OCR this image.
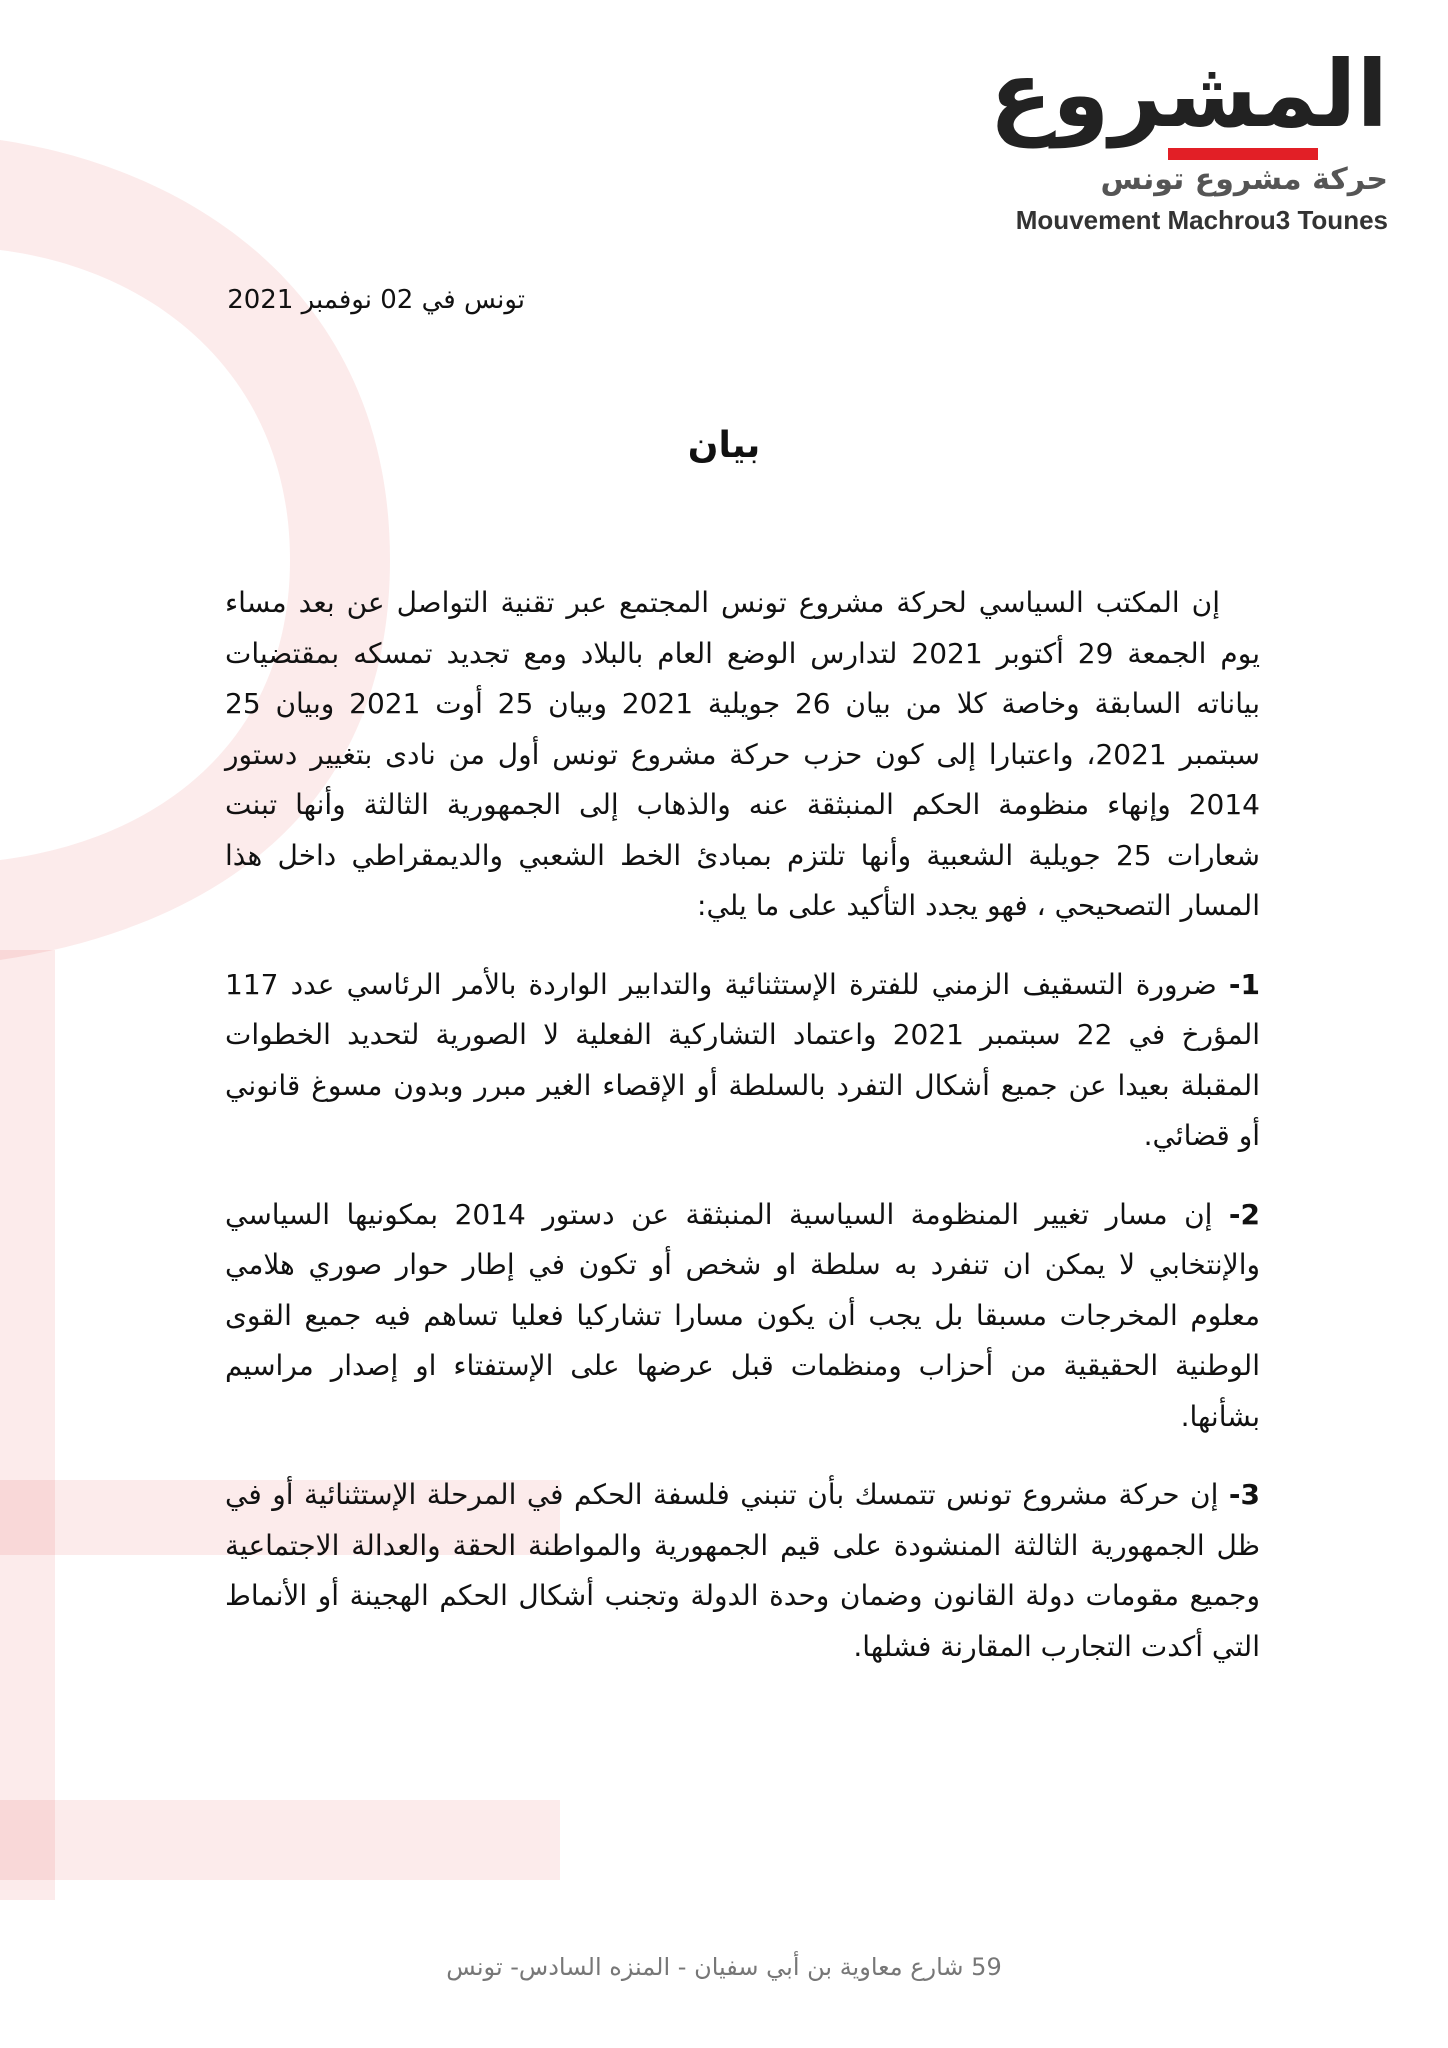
المشروع
حركة مشروع تونس
Mouvement Machrou3 Tounes
تونس في 02 نوفمبر 2021
بيان

إن المكتب السياسي لحركة مشروع تونس المجتمع عبر تقنية التواصل عن بعد مساء يوم الجمعة 29 أكتوبر 2021 لتدارس الوضع العام بالبلاد ومع تجديد تمسكه بمقتضيات بياناته السابقة وخاصة كلا من بيان 26 جويلية 2021 وبيان 25 أوت 2021 وبيان 25 سبتمبر 2021، واعتبارا إلى كون حزب حركة مشروع تونس أول من نادى بتغيير دستور 2014 وإنهاء منظومة الحكم المنبثقة عنه والذهاب إلى الجمهورية الثالثة وأنها تبنت شعارات 25 جويلية الشعبية وأنها تلتزم بمبادئ الخط الشعبي والديمقراطي داخل هذا المسار التصحيحي ، فهو يجدد التأكيد على ما يلي:

1- ضرورة التسقيف الزمني للفترة الإستثنائية والتدابير الواردة بالأمر الرئاسي عدد 117 المؤرخ في 22 سبتمبر 2021 واعتماد التشاركية الفعلية لا الصورية لتحديد الخطوات المقبلة بعيدا عن جميع أشكال التفرد بالسلطة أو الإقصاء الغير مبرر وبدون مسوغ قانوني أو قضائي.

2- إن مسار تغيير المنظومة السياسية المنبثقة عن دستور 2014 بمكونيها السياسي والإنتخابي لا يمكن ان تنفرد به سلطة او شخص أو تكون في إطار حوار صوري هلامي معلوم المخرجات مسبقا بل يجب أن يكون مسارا تشاركيا فعليا تساهم فيه جميع القوى الوطنية الحقيقية من أحزاب ومنظمات قبل عرضها على الإستفتاء او إصدار مراسيم بشأنها.

3- إن حركة مشروع تونس تتمسك بأن تنبني فلسفة الحكم في المرحلة الإستثنائية أو في ظل الجمهورية الثالثة المنشودة على قيم الجمهورية والمواطنة الحقة والعدالة الاجتماعية وجميع مقومات دولة القانون وضمان وحدة الدولة وتجنب أشكال الحكم الهجينة أو الأنماط التي أكدت التجارب المقارنة فشلها.

59 شارع معاوية بن أبي سفيان - المنزه السادس- تونس
